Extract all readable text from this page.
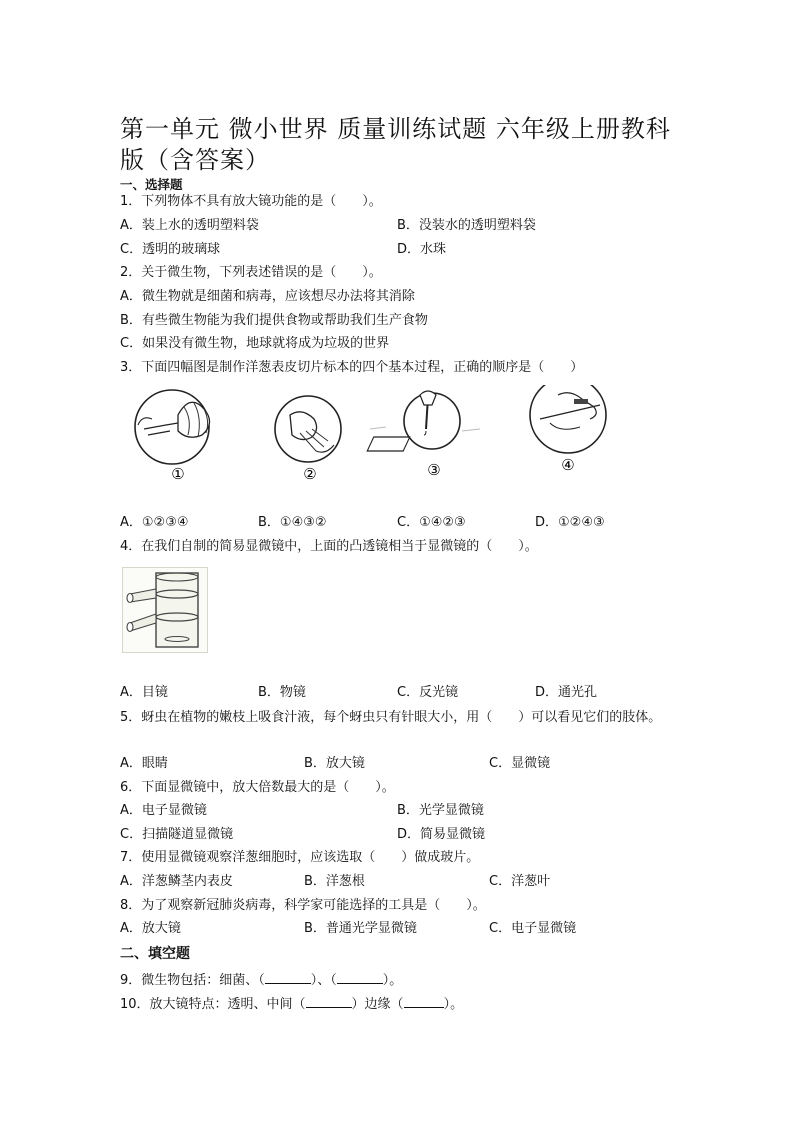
第一单元 微小世界 质量训练试题 六年级上册教科版（含答案）
一、选择题
1．下列物体不具有放大镜功能的是（　　）。
A．装上水的透明塑料袋	B．没装水的透明塑料袋
C．透明的玻璃球	D．水珠
2．关于微生物，下列表述错误的是（　　）。
A．微生物就是细菌和病毒，应该想尽办法将其消除
B．有些微生物能为我们提供食物或帮助我们生产食物
C．如果没有微生物，地球就将成为垃圾的世界
3．下面四幅图是制作洋葱表皮切片标本的四个基本过程，正确的顺序是（　　）
①	②	③	④
A．①②③④	B．①④③②	C．①④②③	D．①②④③
4．在我们自制的简易显微镜中，上面的凸透镜相当于显微镜的（　　）。
A．目镜	B．物镜	C．反光镜	D．通光孔
5．蚜虫在植物的嫩枝上吸食汁液，每个蚜虫只有针眼大小，用（　　）可以看见它们的肢体。
A．眼睛	B．放大镜	C．显微镜
6．下面显微镜中，放大倍数最大的是（　　）。
A．电子显微镜	B．光学显微镜
C．扫描隧道显微镜	D．简易显微镜
7．使用显微镜观察洋葱细胞时，应该选取（　　）做成玻片。
A．洋葱鳞茎内表皮	B．洋葱根	C．洋葱叶
8．为了观察新冠肺炎病毒，科学家可能选择的工具是（　　）。
A．放大镜	B．普通光学显微镜	C．电子显微镜
二、填空题
9．微生物包括：细菌、（	）、（	）。
10．放大镜特点：透明、中间（	）边缘（	）。
